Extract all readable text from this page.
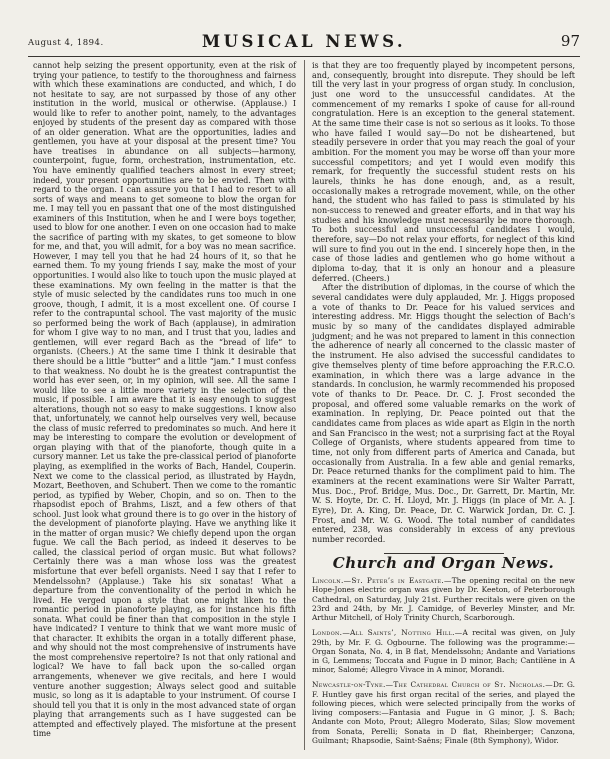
August 4, 1894.	MUSICAL NEWS.	97

cannot help seizing the present opportunity, even at the risk of trying your patience, to testify to the thoroughness and fairness with which these examinations are conducted, and which, I do not hesitate to say, are not surpassed by those of any other institution in the world, musical or otherwise. (Applause.) I would like to refer to another point, namely, to the advantages enjoyed by students of the present day as compared with those of an older generation. What are the opportunities, ladies and gentlemen, you have at your disposal at the present time? You have treatises in abundance on all subjects—harmony, counterpoint, fugue, form, orchestration, instrumentation, etc. You have eminently qualified teachers almost in every street; indeed, your present opportunities are to be envied. Then with regard to the organ. I can assure you that I had to resort to all sorts of ways and means to get someone to blow the organ for me. I may tell you en passant that one of the most distinguished examiners of this Institution, when he and I were boys together, used to blow for one another. I even on one occasion had to make the sacrifice of parting with my skates, to get someone to blow for me, and that, you will admit, for a boy was no mean sacrifice. However, I may tell you that he had 24 hours of it, so that he earned them. To my young friends I say, make the most of your opportunities. I would also like to touch upon the music played at these examinations. My own feeling in the matter is that the style of music selected by the candidates runs too much in one groove, though, I admit, it is a most excellent one. Of course I refer to the contrapuntal school. The vast majority of the music so performed being the work of Bach (applause), in admiration for whom I give way to no man, and I trust that you, ladies and gentlemen, will ever regard Bach as the “bread of life” to organists. (Cheers.) At the same time I think it desirable that there should be a little “butter” and a little “jam.” I must confess to that weakness. No doubt he is the greatest contrapuntist the world has ever seen, or, in my opinion, will see. All the same I would like to see a little more variety in the selection of the music, if possible. I am aware that it is easy enough to suggest alterations, though not so easy to make suggestions. I know also that, unfortunately, we cannot help ourselves very well, because the class of music referred to predominates so much. And here it may be interesting to compare the evolution or development of organ playing with that of the pianoforte, though quite in a cursory manner. Let us take the pre-classical period of pianoforte playing, as exemplified in the works of Bach, Handel, Couperin. Next we come to the classical period, as illustrated by Haydn, Mozart, Beethoven, and Schubert. Then we come to the romantic period, as typified by Weber, Chopin, and so on. Then to the rhapsodist epoch of Brahms, Liszt, and a few others of that school. Just look what ground there is to go over in the history of the development of pianoforte playing. Have we anything like it in the matter of organ music? We chiefly depend upon the organ fugue. We call the Bach period, as indeed it deserves to be called, the classical period of organ music. But what follows? Certainly there was a man whose loss was the greatest misfortune that ever befell organists. Need I say that I refer to Mendelssohn? (Applause.) Take his six sonatas! What a departure from the conventionality of the period in which he lived. He verged upon a style that one might liken to the romantic period in pianoforte playing, as for instance his fifth sonata. What could be finer than that composition in the style I have indicated? I venture to think that we want more music of that character. It exhibits the organ in a totally different phase, and why should not the most comprehensive of instruments have the most comprehensive repertoire? Is not that only rational and logical? We have to fall back upon the so-called organ arrangements, whenever we give recitals, and here I would venture another suggestion; Always select good and suitable music, so long as it is adaptable to your instrument. Of course I should tell you that it is only in the most advanced state of organ playing that arrangements such as I have suggested can be attempted and effectively played. The misfortune at the present time

is that they are too frequently played by incompetent persons, and, consequently, brought into disrepute. They should be left till the very last in your progress of organ study. In conclusion, just one word to the unsuccessful candidates. At the commencement of my remarks I spoke of cause for all-round congratulation. Here is an exception to the general statement. At the same time their case is not so serious as it looks. To those who have failed I would say—Do not be disheartened, but steadily persevere in order that you may reach the goal of your ambition. For the moment you may be worse off than your more successful competitors; and yet I would even modify this remark, for frequently the successful student rests on his laurels, thinks he has done enough, and, as a result, occasionally makes a retrograde movement, while, on the other hand, the student who has failed to pass is stimulated by his non-success to renewed and greater efforts, and in that way his studies and his knowledge must necessarily be more thorough. To both successful and unsuccessful candidates I would, therefore, say—Do not relax your efforts, for neglect of this kind will sure to find you out in the end. I sincerely hope then, in the case of those ladies and gentlemen who go home without a diploma to-day, that it is only an honour and a pleasure deferred. (Cheers.)

After the distribution of diplomas, in the course of which the several candidates were duly applauded, Mr. J. Higgs proposed a vote of thanks to Dr. Peace for his valued services and interesting address. Mr. Higgs thought the selection of Bach’s music by so many of the candidates displayed admirable judgment; and he was not prepared to lament in this connection the adherence of nearly all concerned to the classic master of the instrument. He also advised the successful candidates to give themselves plenty of time before approaching the F.R.C.O. examination, in which there was a large advance in the standards. In conclusion, he warmly recommended his proposed vote of thanks to Dr. Peace. Dr. C. J. Frost seconded the proposal, and offered some valuable remarks on the work of examination. In replying, Dr. Peace pointed out that the candidates came from places as wide apart as Elgin in the north and San Francisco in the west; not a surprising fact at the Royal College of Organists, where students appeared from time to time, not only from different parts of America and Canada, but occasionally from Australia. In a few able and genial remarks, Dr. Peace returned thanks for the compliment paid to him. The examiners at the recent examinations were Sir Walter Parratt, Mus. Doc., Prof. Bridge, Mus. Doc., Dr. Garrett, Dr. Martin, Mr. W. S. Hoyte, Dr. C. H. Lloyd, Mr. J. Higgs (in place of Mr. A. J. Eyre), Dr. A. King, Dr. Peace, Dr. C. Warwick Jordan, Dr. C. J. Frost, and Mr. W. G. Wood. The total number of candidates entered, 238, was considerably in excess of any previous number recorded.

Church and Organ News.
Lincoln.—St. Peter’s in Eastgate.—The opening recital on the new Hope-Jones electric organ was given by Dr. Keeton, of Peterborough Cathedral, on Saturday, July 21st. Further recitals were given on the 23rd and 24th, by Mr. J. Camidge, of Beverley Minster, and Mr. Arthur Mitchell, of Holy Trinity Church, Scarborough.
London.—All Saints’, Notting Hill.—A recital was given, on July 29th, by Mr. F. G. Ogbourne. The following was the programme:—Organ Sonata, No. 4, in B flat, Mendelssohn; Andante and Variations in G, Lemmens; Toccata and Fugue in D minor, Bach; Cantilène in A minor, Salomé; Allegro Vivace in A minor, Morandi.
Newcastle-on-Tyne.—The Cathedral Church of St. Nicholas.—Dr. G. F. Huntley gave his first organ recital of the series, and played the following pieces, which were selected principally from the works of living composers:—Fantasia and Fugue in G minor, J. S. Bach; Andante con Moto, Prout; Allegro Moderato, Silas; Slow movement from Sonata, Perelli; Sonata in D flat, Rheinberger; Canzona, Guilmant; Rhapsodie, Saint-Saëns; Finale (8th Symphony), Widor.
